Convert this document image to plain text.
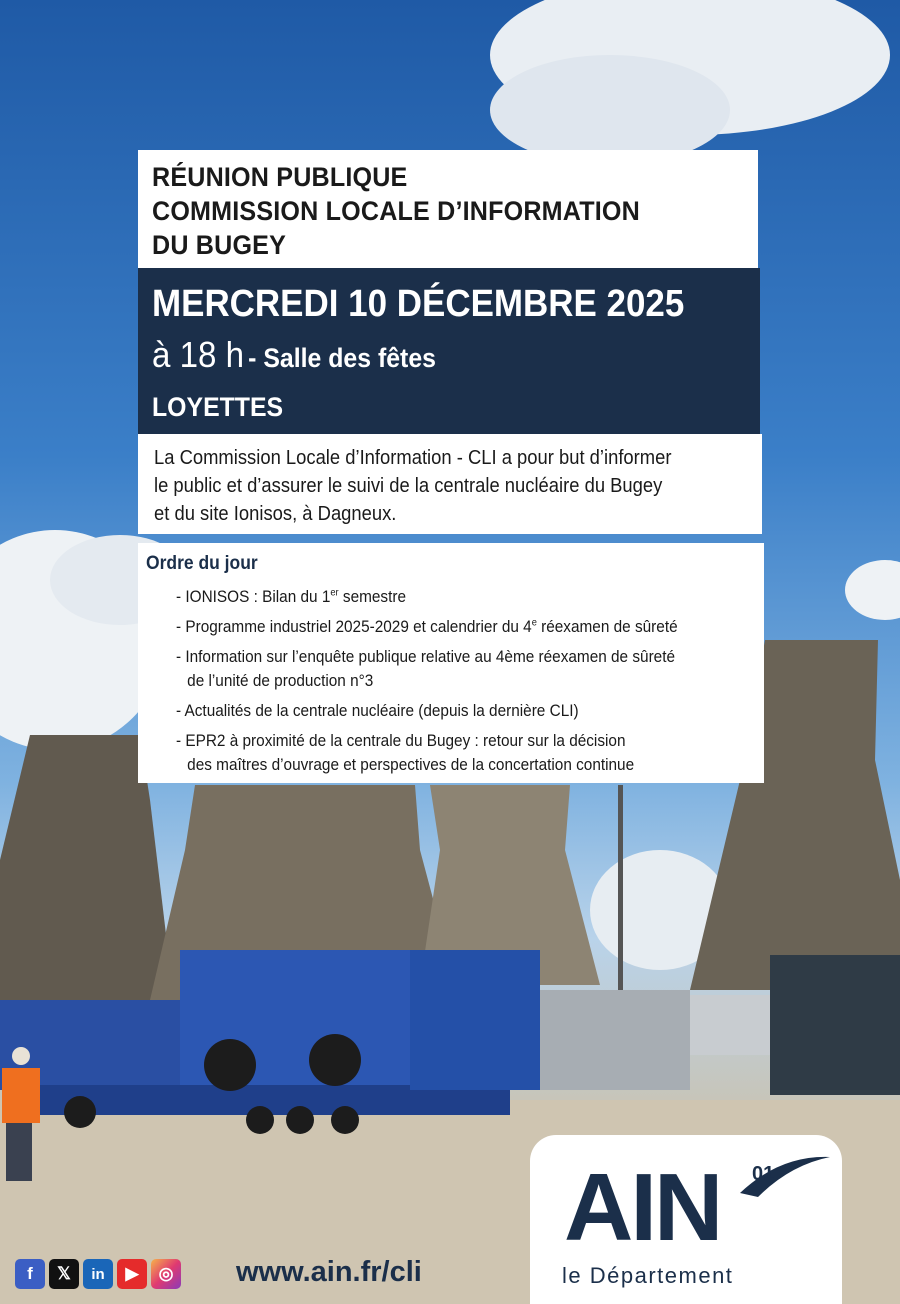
RÉUNION PUBLIQUE
COMMISSION LOCALE D’INFORMATION
DU BUGEY
MERCREDI 10 DÉCEMBRE 2025
à 18 h - Salle des fêtes
LOYETTES
La Commission Locale d’Information - CLI a pour but d’informer
le public et d’assurer le suivi de la centrale nucléaire du Bugey
et du site Ionisos, à Dagneux.
Ordre du jour
- IONISOS : Bilan du 1er semestre
- Programme industriel 2025-2029 et calendrier du 4e réexamen de sûreté
- Information sur l’enquête publique relative au 4ème réexamen de sûreté
de l’unité de production n°3
- Actualités de la centrale nucléaire (depuis la dernière CLI)
- EPR2 à proximité de la centrale du Bugey : retour sur la décision
des maîtres d’ouvrage et perspectives de la concertation continue
f	𝕏	in	▶	◎ www.ain.fr/cli
AIN 01
le Département
